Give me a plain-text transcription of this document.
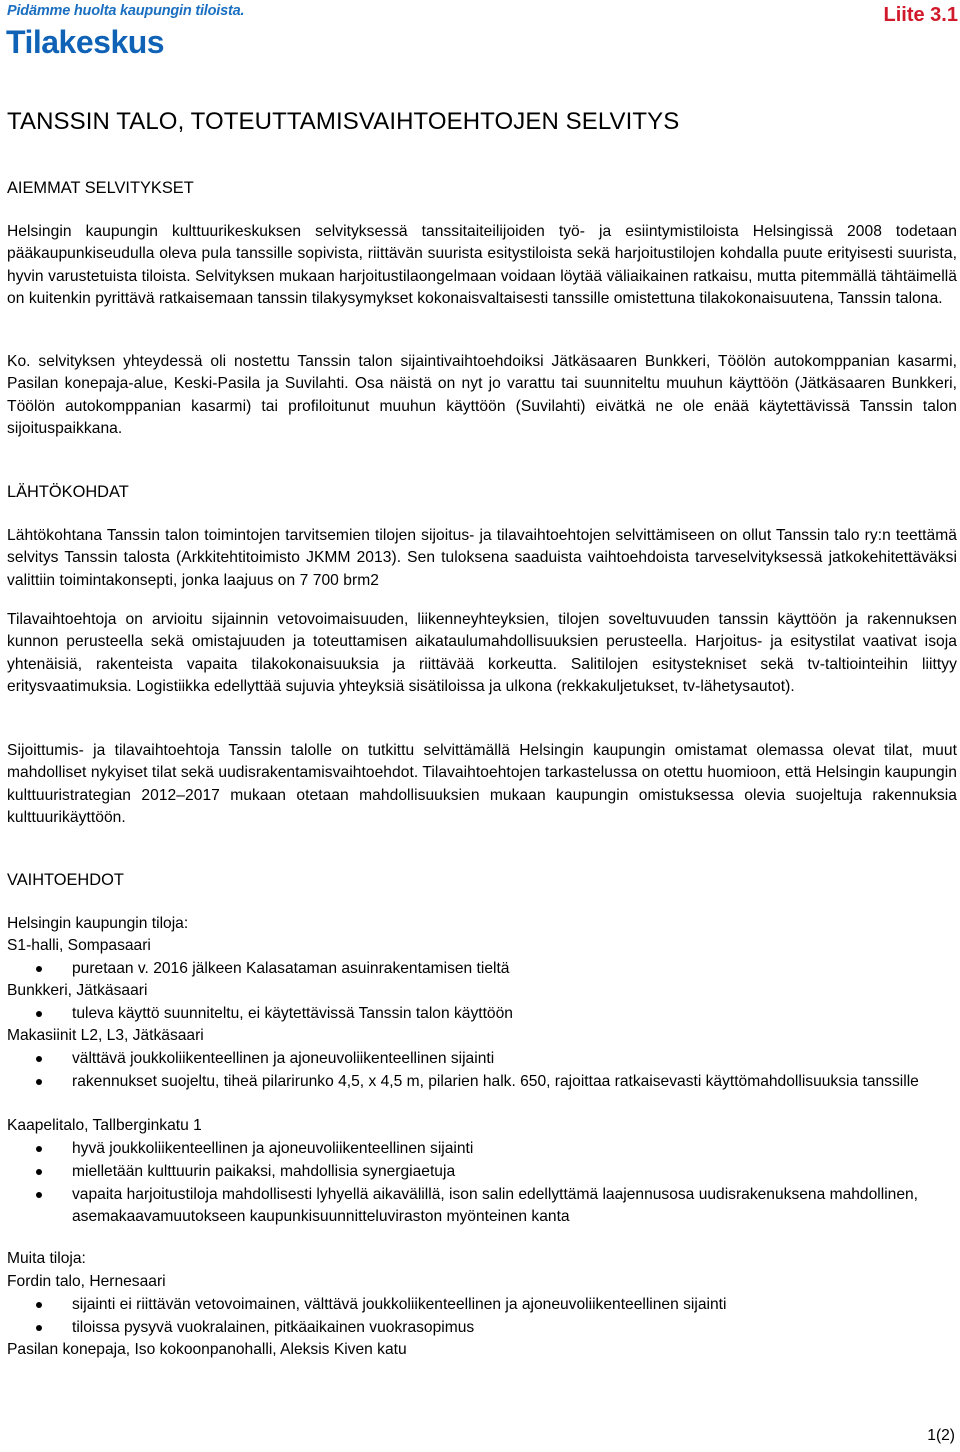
Pidämme huolta kaupungin tiloista.
Tilakeskus
Liite 3.1
TANSSIN TALO, TOTEUTTAMISVAIHTOEHTOJEN SELVITYS
AIEMMAT SELVITYKSET

Helsingin kaupungin kulttuurikeskuksen selvityksessä tanssitaiteilijoiden työ- ja esiintymistiloista Helsingissä 2008 todetaan pääkaupunkiseudulla oleva pula tanssille sopivista, riittävän suurista esitystiloista sekä harjoitustilojen kohdalla puute erityisesti suurista, hyvin varustetuista tiloista. Selvityksen mukaan harjoitustilaongelmaan voidaan löytää väliaikainen ratkaisu, mutta pitemmällä tähtäimellä on kuitenkin pyrittävä ratkaisemaan tanssin tilakysymykset kokonaisvaltaisesti tanssille omistettuna tilakokonaisuutena, Tanssin talona.

Ko. selvityksen yhteydessä oli nostettu Tanssin talon sijaintivaihtoehdoiksi Jätkäsaaren Bunkkeri, Töölön autokomppanian kasarmi, Pasilan konepaja-alue, Keski-Pasila ja Suvilahti. Osa näistä on nyt jo varattu tai suunniteltu muuhun käyttöön (Jätkäsaaren Bunkkeri, Töölön autokomppanian kasarmi) tai profiloitunut muuhun käyttöön (Suvilahti) eivätkä ne ole enää käytettävissä Tanssin talon sijoituspaikkana.

LÄHTÖKOHDAT

Lähtökohtana Tanssin talon toimintojen tarvitsemien tilojen sijoitus- ja tilavaihtoehtojen selvittämiseen on ollut Tanssin talo ry:n teettämä selvitys Tanssin talosta (Arkkitehtitoimisto JKMM 2013). Sen tuloksena saaduista vaihtoehdoista tarveselvityksessä jatkokehitettäväksi valittiin toimintakonsepti, jonka laajuus on 7 700 brm2

Tilavaihtoehtoja on arvioitu sijainnin vetovoimaisuuden, liikenneyhteyksien, tilojen soveltuvuuden tanssin käyttöön ja rakennuksen kunnon perusteella sekä omistajuuden ja toteuttamisen aikataulumahdollisuuksien perusteella. Harjoitus- ja esitystilat vaativat isoja yhtenäisiä, rakenteista vapaita tilakokonaisuuksia ja riittävää korkeutta. Salitilojen esitystekniset sekä tv-taltiointeihin liittyy eritysvaatimuksia. Logistiikka edellyttää sujuvia yhteyksiä sisätiloissa ja ulkona (rekkakuljetukset, tv-lähetysautot).

Sijoittumis- ja tilavaihtoehtoja Tanssin talolle on tutkittu selvittämällä Helsingin kaupungin omistamat olemassa olevat tilat, muut mahdolliset nykyiset tilat sekä uudisrakentamisvaihtoehdot. Tilavaihtoehtojen tarkastelussa on otettu huomioon, että Helsingin kaupungin kulttuuristrategian 2012–2017 mukaan otetaan mahdollisuuksien mukaan kaupungin omistuksessa olevia suojeltuja rakennuksia kulttuurikäyttöön.

VAIHTOEHDOT

Helsingin kaupungin tiloja:

S1-halli, Sompasaari

puretaan v. 2016 jälkeen Kalasataman asuinrakentamisen tieltä

Bunkkeri, Jätkäsaari

tuleva käyttö suunniteltu, ei käytettävissä Tanssin talon käyttöön

Makasiinit L2, L3, Jätkäsaari

välttävä joukkoliikenteellinen ja ajoneuvoliikenteellinen sijainti

rakennukset suojeltu, tiheä pilarirunko 4,5, x 4,5 m, pilarien halk. 650, rajoittaa ratkaisevasti käyttömahdollisuuksia tanssille

Kaapelitalo, Tallberginkatu 1

hyvä joukkoliikenteellinen ja ajoneuvoliikenteellinen sijainti

mielletään kulttuurin paikaksi, mahdollisia synergiaetuja

vapaita harjoitustiloja mahdollisesti lyhyellä aikavälillä, ison salin edellyttämä laajennusosa uudisrakenuksena mahdollinen, asemakaavamuutokseen kaupunkisuunnitteluviraston myönteinen kanta

Muita tiloja:

Fordin talo, Hernesaari

sijainti ei riittävän vetovoimainen, välttävä joukkoliikenteellinen ja ajoneuvoliikenteellinen sijainti

tiloissa pysyvä vuokralainen, pitkäaikainen vuokrasopimus

Pasilan konepaja, Iso kokoonpanohalli, Aleksis Kiven katu

1(2)
